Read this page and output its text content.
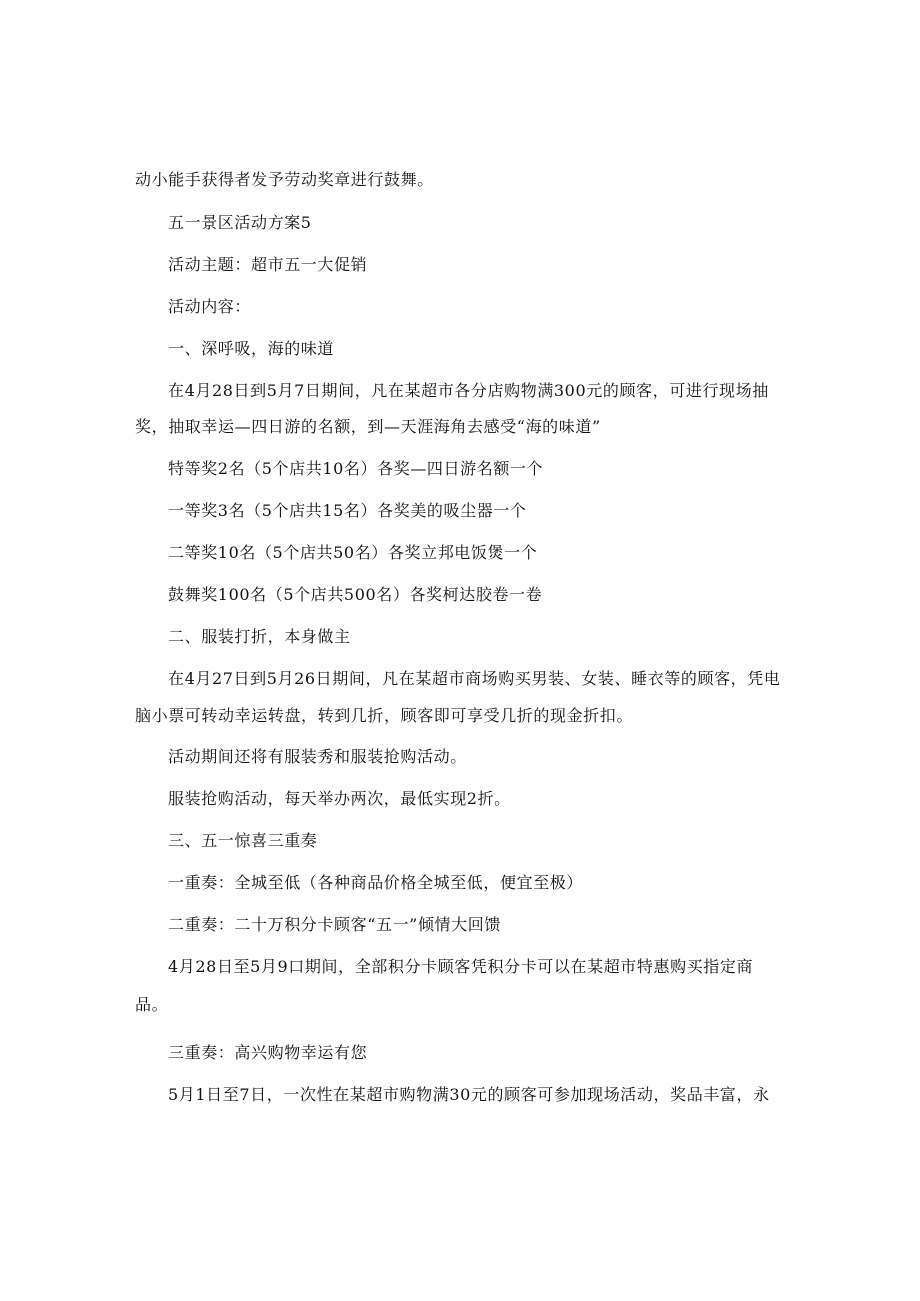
动小能手获得者发予劳动奖章进行鼓舞。

五一景区活动方案5

活动主题：超市五一大促销

活动内容：

一、深呼吸，海的味道

在4月28日到5月7日期间，凡在某超市各分店购物满300元的顾客，可进行现场抽

奖，抽取幸运—四日游的名额，到—天涯海角去感受“海的味道”

特等奖2名（5个店共10名）各奖—四日游名额一个

一等奖3名（5个店共15名）各奖美的吸尘器一个

二等奖10名（5个店共50名）各奖立邦电饭煲一个

鼓舞奖100名（5个店共500名）各奖柯达胶卷一卷

二、服装打折，本身做主

在4月27日到5月26日期间，凡在某超市商场购买男装、女装、睡衣等的顾客，凭电

脑小票可转动幸运转盘，转到几折，顾客即可享受几折的现金折扣。

活动期间还将有服装秀和服装抢购活动。

服装抢购活动，每天举办两次，最低实现2折。

三、五一惊喜三重奏

一重奏：全城至低（各种商品价格全城至低，便宜至极）

二重奏：二十万积分卡顾客“五一”倾情大回馈

4月28日至5月9口期间，全部积分卡顾客凭积分卡可以在某超市特惠购买指定商

品。

三重奏：高兴购物幸运有您

5月1日至7日，一次性在某超市购物满30元的顾客可参加现场活动，奖品丰富，永
